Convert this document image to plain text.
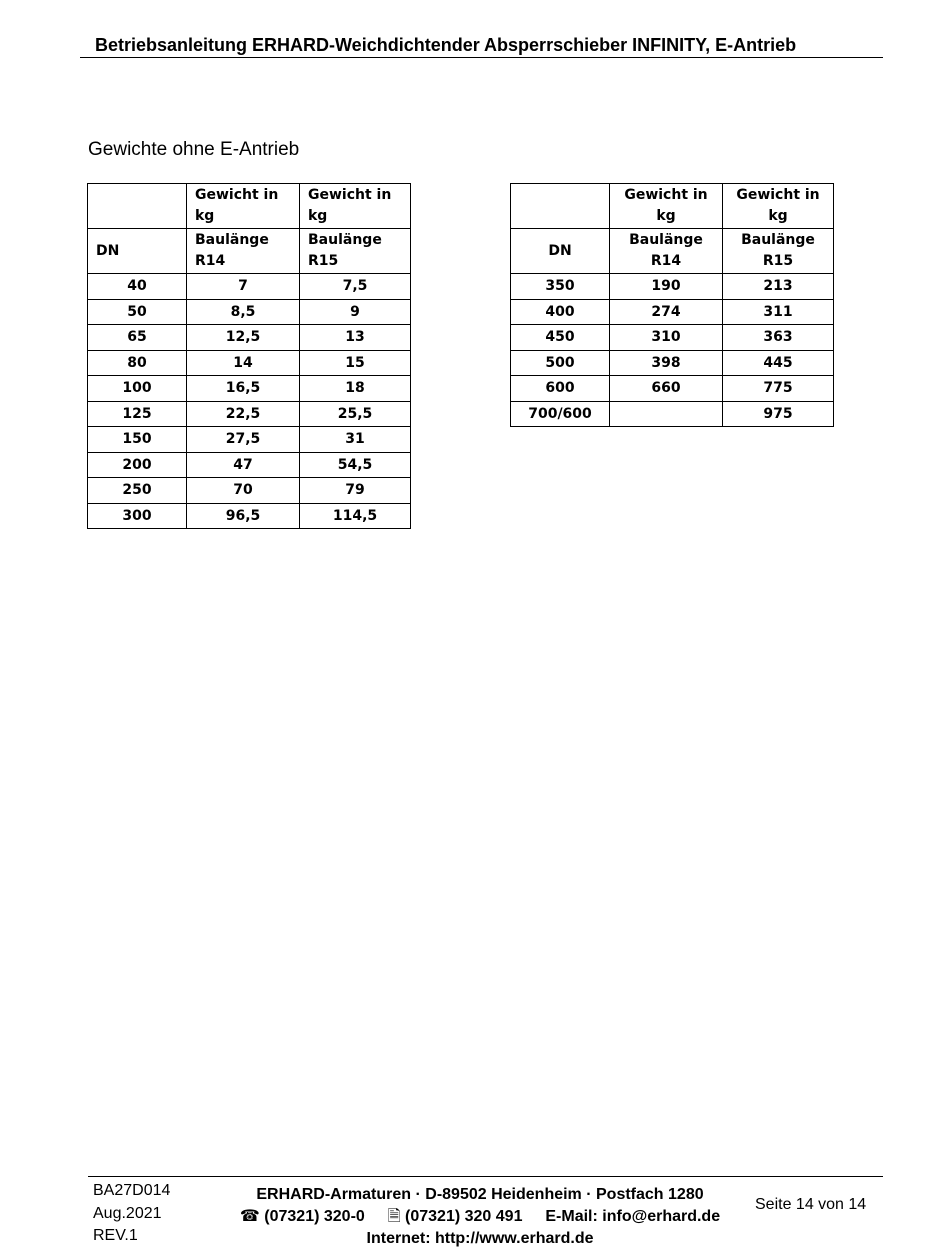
Betriebsanleitung ERHARD-Weichdichtender Absperrschieber INFINITY, E-Antrieb
Gewichte ohne E-Antrieb
	Gewicht in kg	Gewicht in kg
DN	Baulänge R14	Baulänge R15
40	7	7,5
50	8,5	9
65	12,5	13
80	14	15
100	16,5	18
125	22,5	25,5
150	27,5	31
200	47	54,5
250	70	79
300	96,5	114,5
	Gewicht in kg	Gewicht in kg
DN	Baulänge R14	Baulänge R15
350	190	213
400	274	311
450	310	363
500	398	445
600	660	775
700/600		975
BA27D014
Aug.2021
REV.1
ERHARD-Armaturen · D-89502 Heidenheim · Postfach 1280
☎ (07321) 320-0 🗎 (07321) 320 491 E-Mail: info@erhard.de
Internet: http://www.erhard.de
Seite 14 von 14
